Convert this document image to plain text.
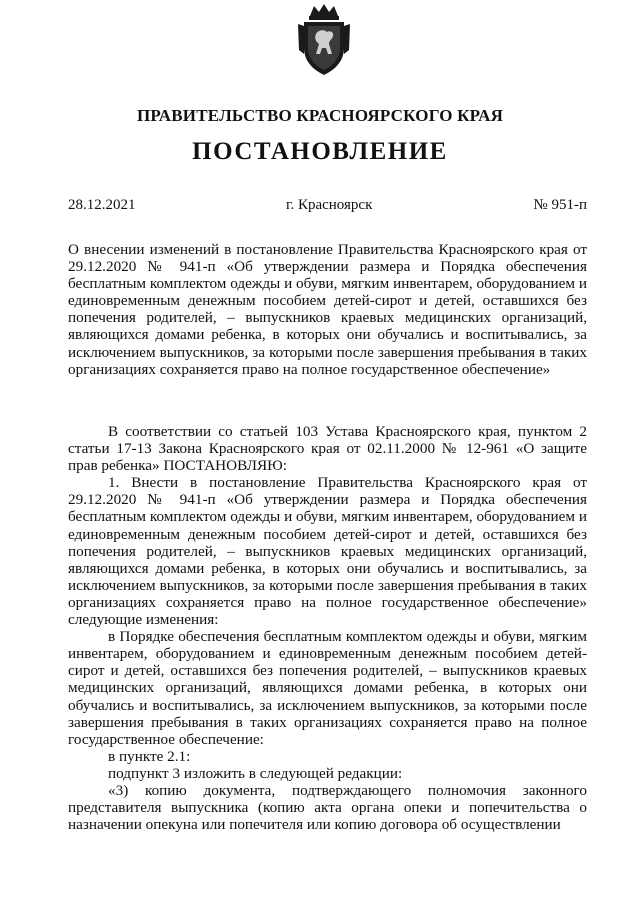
ПРАВИТЕЛЬСТВО КРАСНОЯРСКОГО КРАЯ
ПОСТАНОВЛЕНИЕ
28.12.2021	г. Красноярск	№ 951-п
О внесении изменений в постановление Правительства Красноярского края от 29.12.2020 № 941-п «Об утверждении размера и Порядка обеспечения бесплатным комплектом одежды и обуви, мягким инвентарем, оборудованием и единовременным денежным пособием детей-сирот и детей, оставшихся без попечения родителей, – выпускников краевых медицинских организаций, являющихся домами ребенка, в которых они обучались и воспитывались, за исключением выпускников, за которыми после завершения пребывания в таких организациях сохраняется право на полное государственное обеспечение»

В соответствии со статьей 103 Устава Красноярского края, пунктом 2 статьи 17-13 Закона Красноярского края от 02.11.2000 № 12-961 «О защите прав ребенка» ПОСТАНОВЛЯЮ:

1. Внести в постановление Правительства Красноярского края от 29.12.2020 № 941-п «Об утверждении размера и Порядка обеспечения бесплатным комплектом одежды и обуви, мягким инвентарем, оборудованием и единовременным денежным пособием детей-сирот и детей, оставшихся без попечения родителей, – выпускников краевых медицинских организаций, являющихся домами ребенка, в которых они обучались и воспитывались, за исключением выпускников, за которыми после завершения пребывания в таких организациях сохраняется право на полное государственное обеспечение» следующие изменения:

в Порядке обеспечения бесплатным комплектом одежды и обуви, мягким инвентарем, оборудованием и единовременным денежным пособием детей-сирот и детей, оставшихся без попечения родителей, – выпускников краевых медицинских организаций, являющихся домами ребенка, в которых они обучались и воспитывались, за исключением выпускников, за которыми после завершения пребывания в таких организациях сохраняется право на полное государственное обеспечение:

в пункте 2.1:

подпункт 3 изложить в следующей редакции:

«3) копию документа, подтверждающего полномочия законного представителя выпускника (копию акта органа опеки и попечительства о назначении опекуна или попечителя или копию договора об осуществлении
